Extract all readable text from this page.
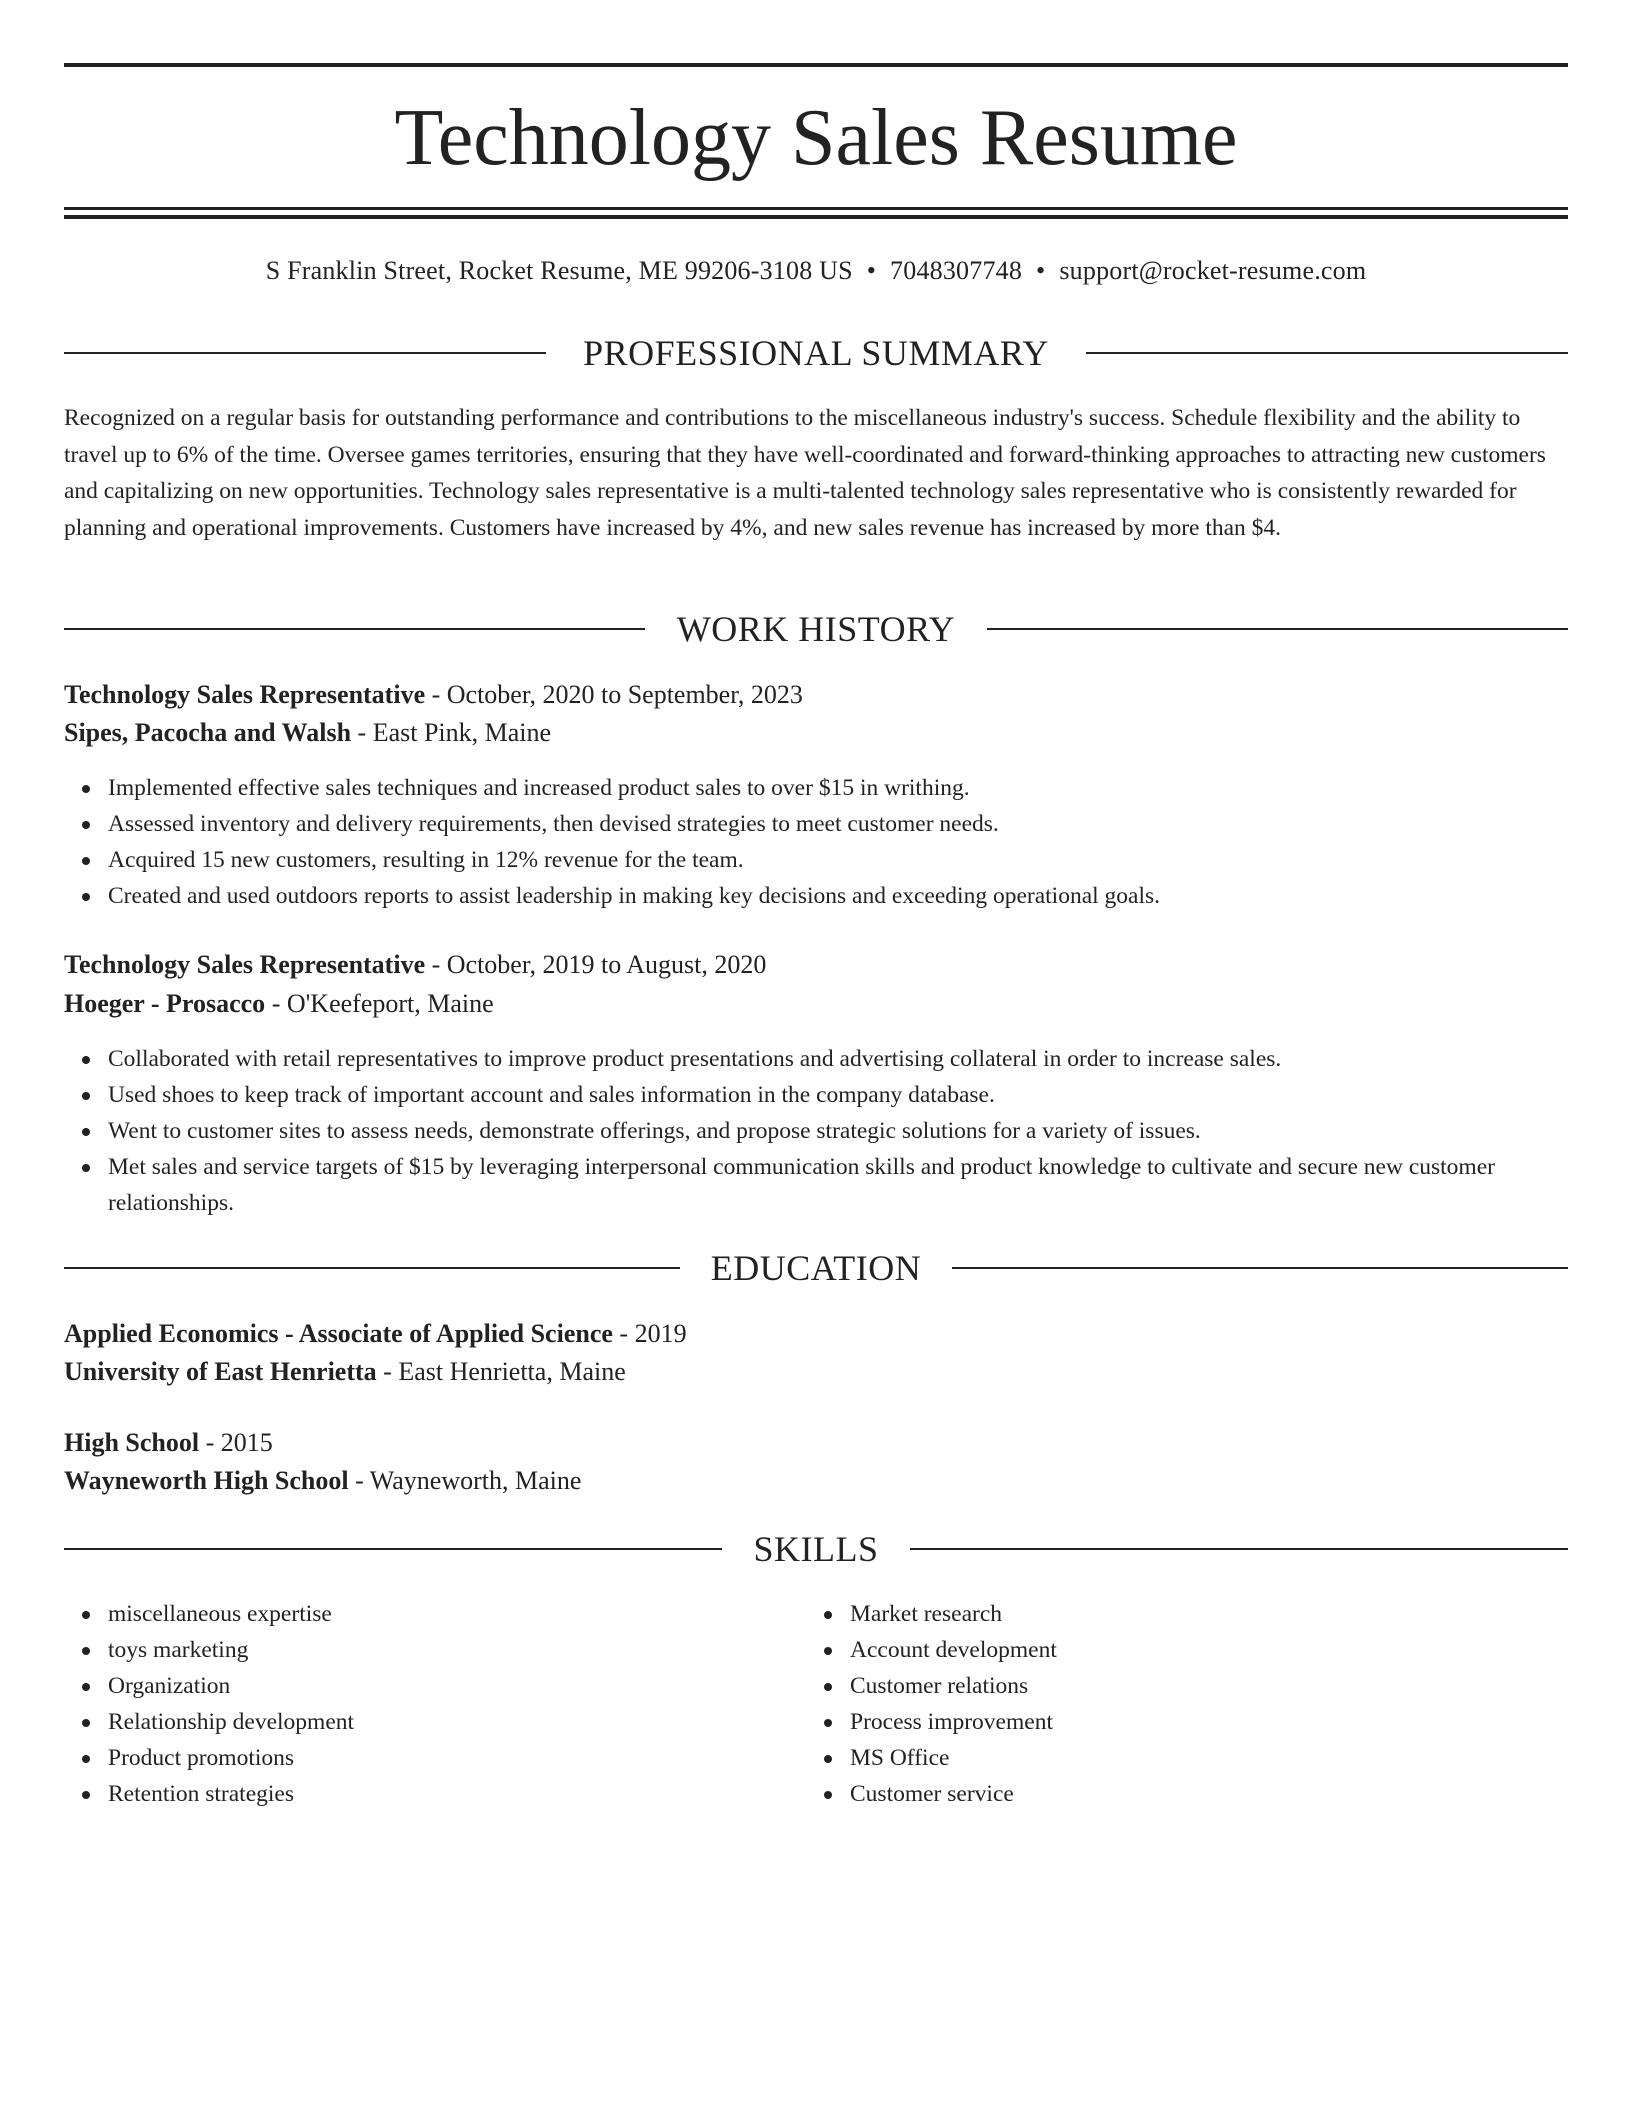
Technology Sales Resume
S Franklin Street, Rocket Resume, ME 99206-3108 US • 7048307748 • support@rocket-resume.com
PROFESSIONAL SUMMARY

Recognized on a regular basis for outstanding performance and contributions to the miscellaneous industry's success. Schedule flexibility and the ability to travel up to 6% of the time. Oversee games territories, ensuring that they have well-coordinated and forward-thinking approaches to attracting new customers and capitalizing on new opportunities. Technology sales representative is a multi-talented technology sales representative who is consistently rewarded for planning and operational improvements. Customers have increased by 4%, and new sales revenue has increased by more than $4.

WORK HISTORY
Technology Sales Representative - October, 2020 to September, 2023
Sipes, Pacocha and Walsh - East Pink, Maine
Implemented effective sales techniques and increased product sales to over $15 in writhing.
Assessed inventory and delivery requirements, then devised strategies to meet customer needs.
Acquired 15 new customers, resulting in 12% revenue for the team.
Created and used outdoors reports to assist leadership in making key decisions and exceeding operational goals.
Technology Sales Representative - October, 2019 to August, 2020
Hoeger - Prosacco - O'Keefeport, Maine
Collaborated with retail representatives to improve product presentations and advertising collateral in order to increase sales.
Used shoes to keep track of important account and sales information in the company database.
Went to customer sites to assess needs, demonstrate offerings, and propose strategic solutions for a variety of issues.
Met sales and service targets of $15 by leveraging interpersonal communication skills and product knowledge to cultivate and secure new customer relationships.
EDUCATION
Applied Economics - Associate of Applied Science - 2019
University of East Henrietta - East Henrietta, Maine
High School - 2015
Wayneworth High School - Wayneworth, Maine
SKILLS
miscellaneous expertise
toys marketing
Organization
Relationship development
Product promotions
Retention strategies
Market research
Account development
Customer relations
Process improvement
MS Office
Customer service
